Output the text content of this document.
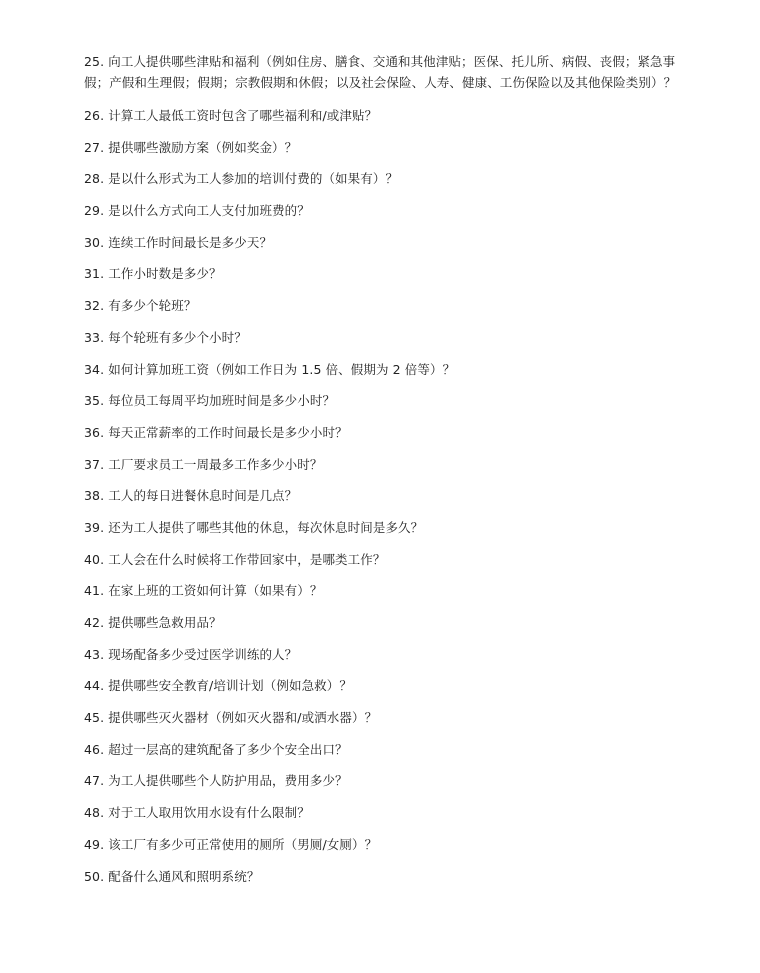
25. 向工人提供哪些津贴和福利（例如住房、膳食、交通和其他津贴；医保、托儿所、病假、丧假；紧急事假；产假和生理假；假期；宗教假期和休假；以及社会保险、人寿、健康、工伤保险以及其他保险类别）？

26. 计算工人最低工资时包含了哪些福利和/或津贴？

27. 提供哪些激励方案（例如奖金）？

28. 是以什么形式为工人参加的培训付费的（如果有）？

29. 是以什么方式向工人支付加班费的？

30. 连续工作时间最长是多少天？

31. 工作小时数是多少？

32. 有多少个轮班？

33. 每个轮班有多少个小时？

34. 如何计算加班工资（例如工作日为 1.5 倍、假期为 2 倍等）？

35. 每位员工每周平均加班时间是多少小时？

36. 每天正常薪率的工作时间最长是多少小时？

37. 工厂要求员工一周最多工作多少小时？

38. 工人的每日进餐休息时间是几点？

39. 还为工人提供了哪些其他的休息，每次休息时间是多久？

40. 工人会在什么时候将工作带回家中，是哪类工作？

41. 在家上班的工资如何计算（如果有）？

42. 提供哪些急救用品？

43. 现场配备多少受过医学训练的人？

44. 提供哪些安全教育/培训计划（例如急救）？

45. 提供哪些灭火器材（例如灭火器和/或洒水器）？

46. 超过一层高的建筑配备了多少个安全出口？

47. 为工人提供哪些个人防护用品，费用多少？

48. 对于工人取用饮用水设有什么限制？

49. 该工厂有多少可正常使用的厕所（男厕/女厕）？

50. 配备什么通风和照明系统？
